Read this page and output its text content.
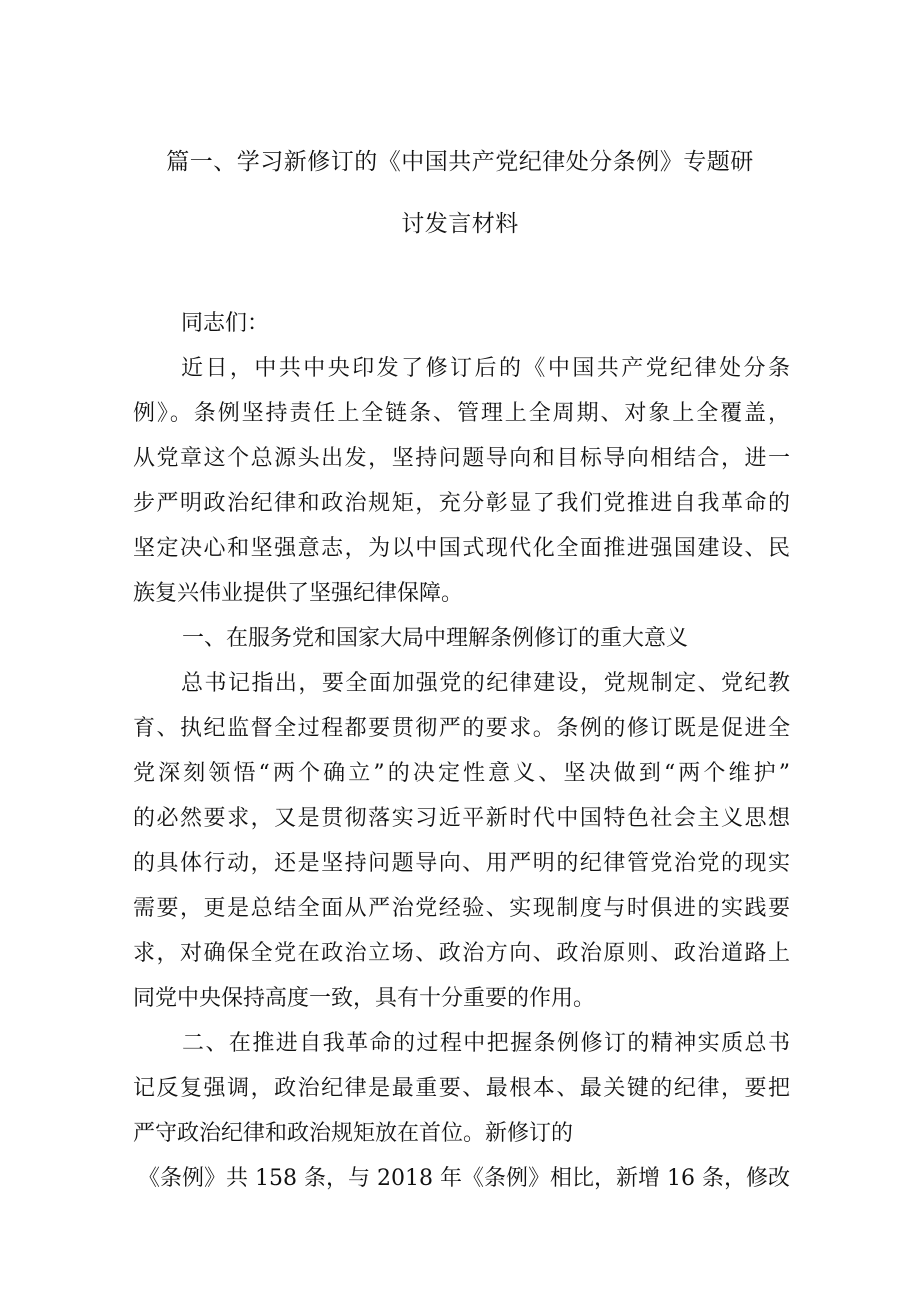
篇一、学习新修订的《中国共产党纪律处分条例》专题研
讨发言材料
同志们：
近日，中共中央印发了修订后的《中国共产党纪律处分条
例》。条例坚持责任上全链条、管理上全周期、对象上全覆盖，
从党章这个总源头出发，坚持问题导向和目标导向相结合，进一
步严明政治纪律和政治规矩，充分彰显了我们党推进自我革命的
坚定决心和坚强意志，为以中国式现代化全面推进强国建设、民
族复兴伟业提供了坚强纪律保障。
一、在服务党和国家大局中理解条例修订的重大意义
总书记指出，要全面加强党的纪律建设，党规制定、党纪教
育、执纪监督全过程都要贯彻严的要求。条例的修订既是促进全
党深刻领悟“两个确立”的决定性意义、坚决做到“两个维护”
的必然要求，又是贯彻落实习近平新时代中国特色社会主义思想
的具体行动，还是坚持问题导向、用严明的纪律管党治党的现实
需要，更是总结全面从严治党经验、实现制度与时俱进的实践要
求，对确保全党在政治立场、政治方向、政治原则、政治道路上
同党中央保持高度一致，具有十分重要的作用。
二、在推进自我革命的过程中把握条例修订的精神实质总书
记反复强调，政治纪律是最重要、最根本、最关键的纪律，要把
严守政治纪律和政治规矩放在首位。新修订的
《条例》共 158 条，与 2018 年《条例》相比，新增 16 条，修改
